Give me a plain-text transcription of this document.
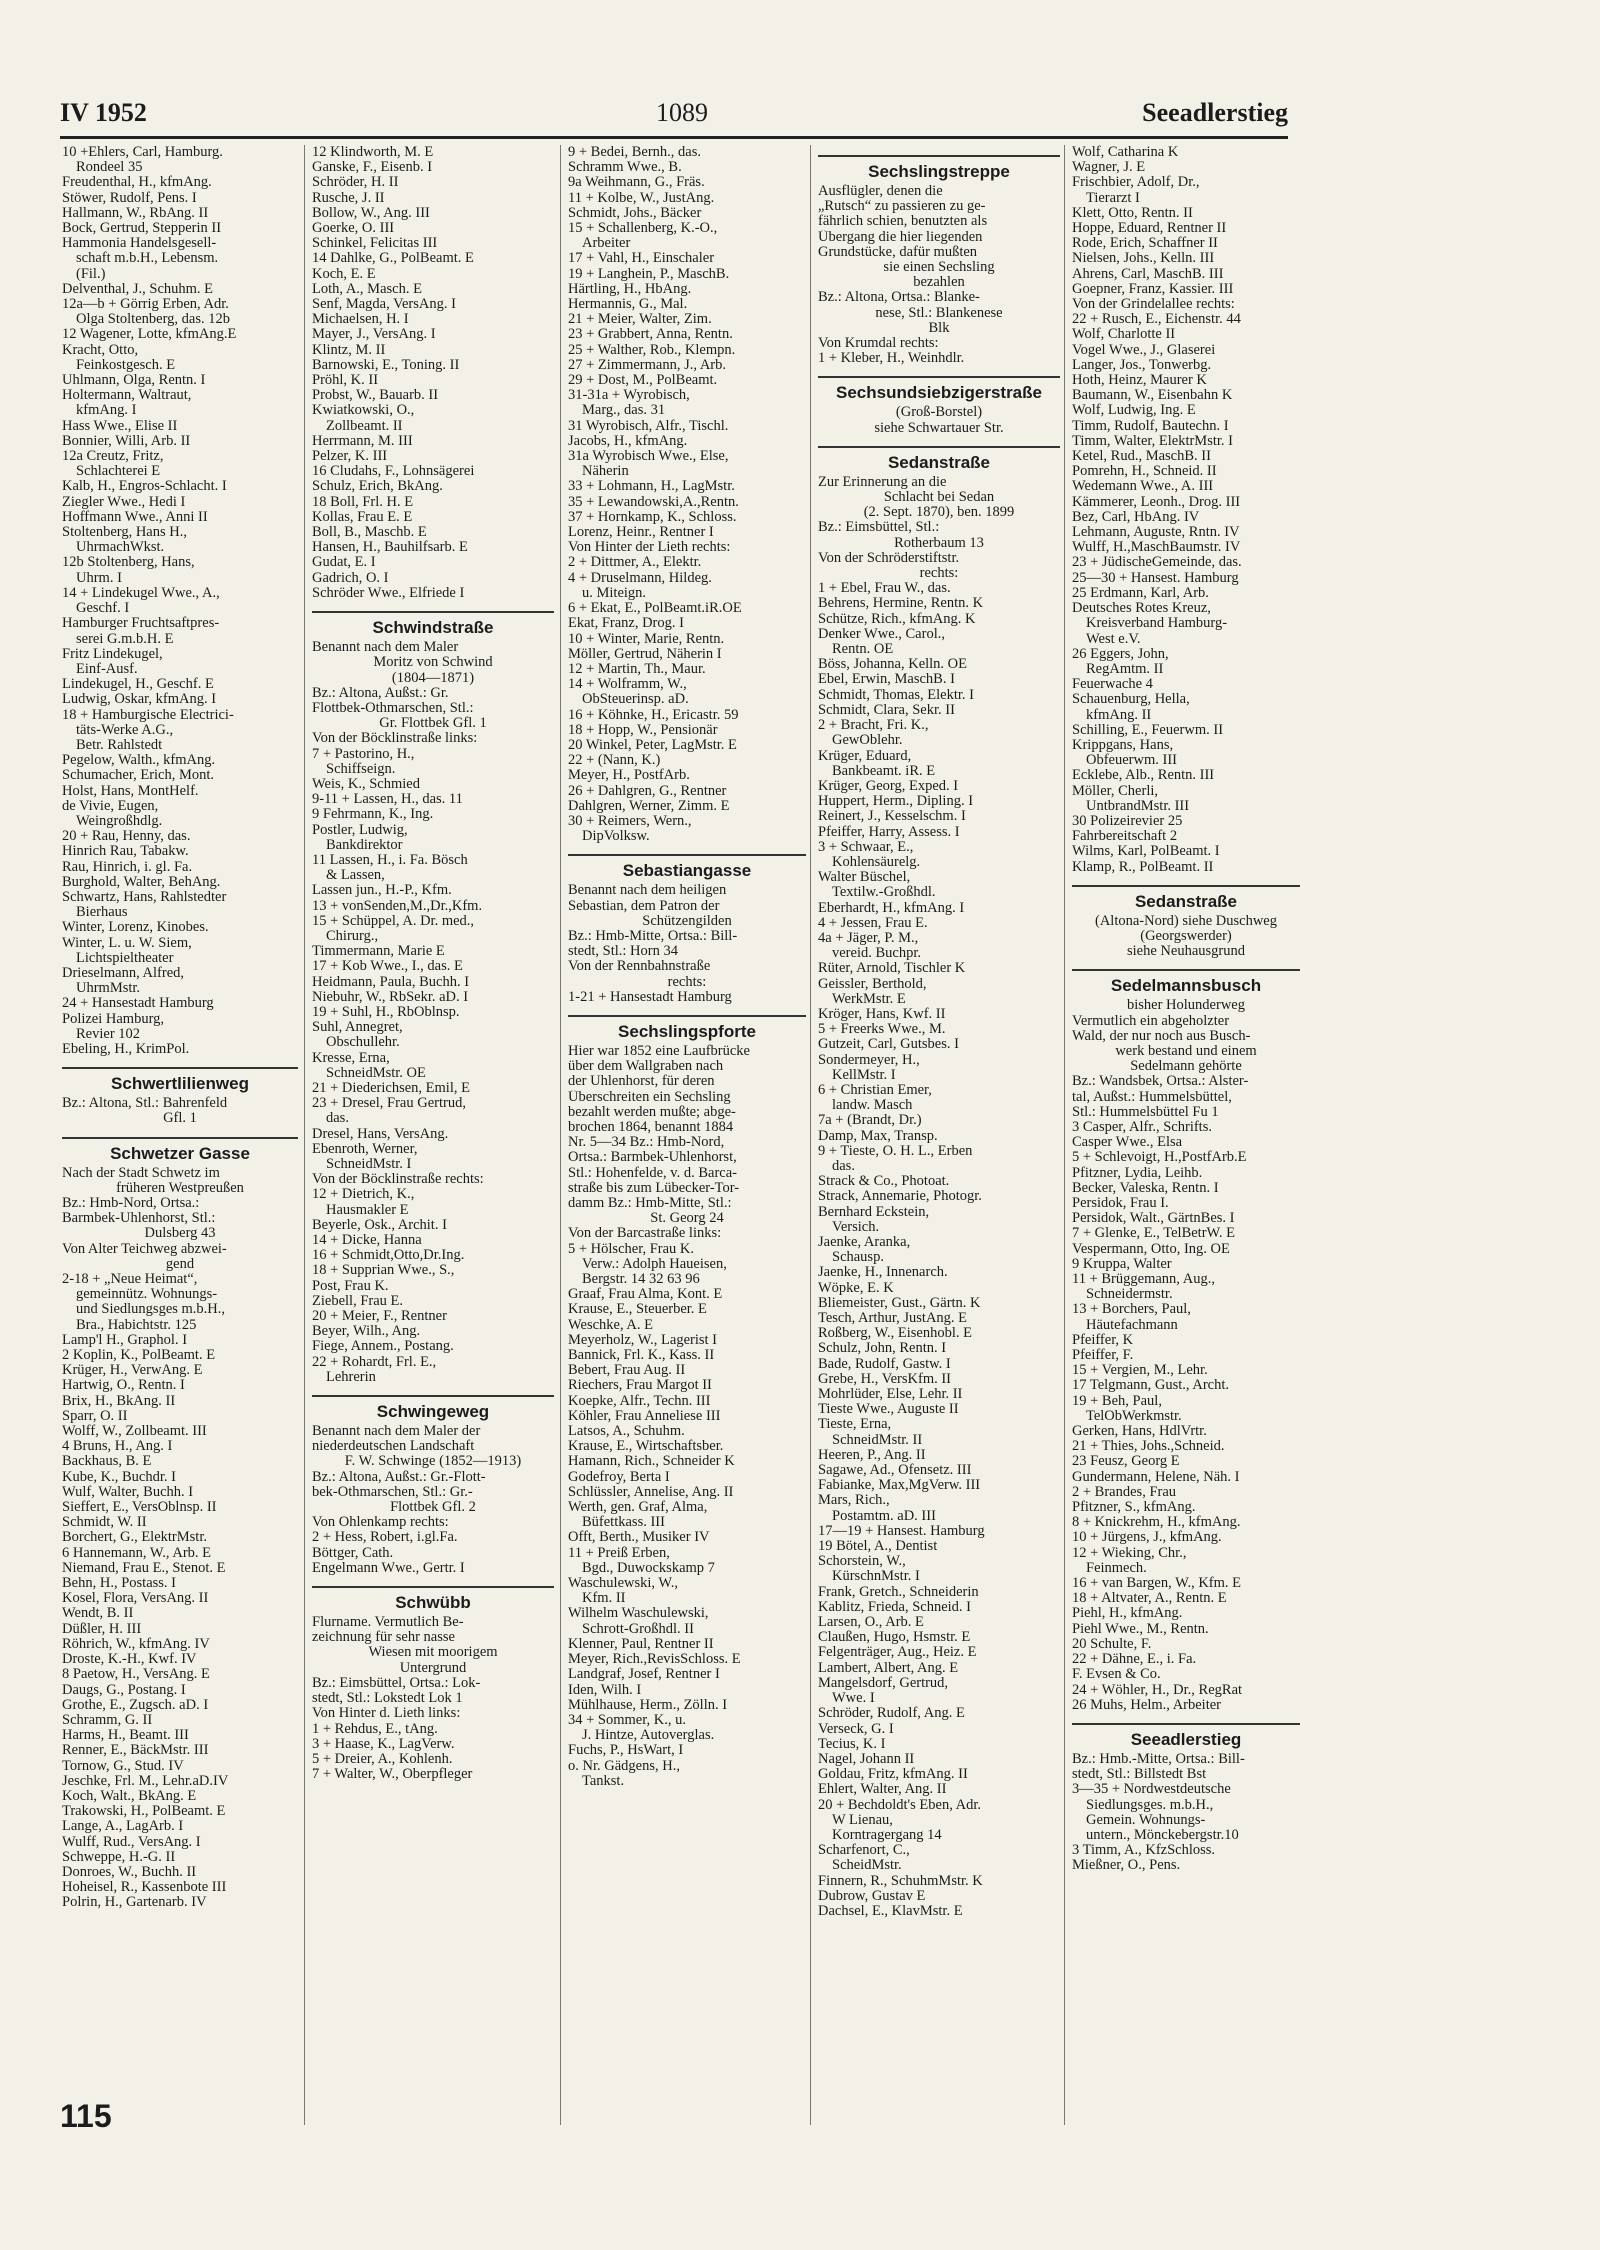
IV 1952	1089	Seeadlerstieg
10 +Ehlers, Carl, Hamburg.
Rondeel 35
Freudenthal, H., kfmAng.
Stöwer, Rudolf, Pens. I
Hallmann, W., RbAng. II
Bock, Gertrud, Stepperin II
Hammonia Handelsgesell-
schaft m.b.H., Lebensm.
(Fil.)
Delventhal, J., Schuhm. E
12a—b + Görrig Erben, Adr.
Olga Stoltenberg, das. 12b
12 Wagener, Lotte, kfmAng.E
Kracht, Otto,
Feinkostgesch. E
Uhlmann, Olga, Rentn. I
Holtermann, Waltraut,
kfmAng. I
Hass Wwe., Elise II
Bonnier, Willi, Arb. II
12a Creutz, Fritz,
Schlachterei E
Kalb, H., Engros-Schlacht. I
Ziegler Wwe., Hedi I
Hoffmann Wwe., Anni II
Stoltenberg, Hans H.,
UhrmachWkst.
12b Stoltenberg, Hans,
Uhrm. I
14 + Lindekugel Wwe., A.,
Geschf. I
Hamburger Fruchtsaftpres-
serei G.m.b.H. E
Fritz Lindekugel,
Einf-Ausf.
Lindekugel, H., Geschf. E
Ludwig, Oskar, kfmAng. I
18 + Hamburgische Electrici-
täts-Werke A.G.,
Betr. Rahlstedt
Pegelow, Walth., kfmAng.
Schumacher, Erich, Mont.
Holst, Hans, MontHelf.
de Vivie, Eugen,
Weingroßhdlg.
20 + Rau, Henny, das.
Hinrich Rau, Tabakw.
Rau, Hinrich, i. gl. Fa.
Burghold, Walter, BehAng.
Schwartz, Hans, Rahlstedter
Bierhaus
Winter, Lorenz, Kinobes.
Winter, L. u. W. Siem,
Lichtspieltheater
Drieselmann, Alfred,
UhrmMstr.
24 + Hansestadt Hamburg
Polizei Hamburg,
Revier 102
Ebeling, H., KrimPol.
Schwertlilienweg
Bz.: Altona, Stl.: Bahrenfeld
Gfl. 1
Schwetzer Gasse
Nach der Stadt Schwetz im
früheren Westpreußen
Bz.: Hmb-Nord, Ortsa.:
Barmbek-Uhlenhorst, Stl.:
Dulsberg 43
Von Alter Teichweg abzwei-
gend
2-18 + „Neue Heimat“,
gemeinnütz. Wohnungs-
und Siedlungsges m.b.H.,
Bra., Habichtstr. 125
Lamp'l H., Graphol. I
2 Koplin, K., PolBeamt. E
Krüger, H., VerwAng. E
Hartwig, O., Rentn. I
Brix, H., BkAng. II
Sparr, O. II
Wolff, W., Zollbeamt. III
4 Bruns, H., Ang. I
Backhaus, B. E
Kube, K., Buchdr. I
Wulf, Walter, Buchh. I
Sieffert, E., VersOblnsp. II
Schmidt, W. II
Borchert, G., ElektrMstr.
6 Hannemann, W., Arb. E
Niemand, Frau E., Stenot. E
Behn, H., Postass. I
Kosel, Flora, VersAng. II
Wendt, B. II
Düßler, H. III
Röhrich, W., kfmAng. IV
Droste, K.-H., Kwf. IV
8 Paetow, H., VersAng. E
Daugs, G., Postang. I
Grothe, E., Zugsch. aD. I
Schramm, G. II
Harms, H., Beamt. III
Renner, E., BäckMstr. III
Tornow, G., Stud. IV
Jeschke, Frl. M., Lehr.aD.IV
Koch, Walt., BkAng. E
Trakowski, H., PolBeamt. E
Lange, A., LagArb. I
Wulff, Rud., VersAng. I
Schweppe, H.-G. II
Donroes, W., Buchh. II
Hoheisel, R., Kassenbote III
Polrin, H., Gartenarb. IV
12 Klindworth, M. E
Ganske, F., Eisenb. I
Schröder, H. II
Rusche, J. II
Bollow, W., Ang. III
Goerke, O. III
Schinkel, Felicitas III
14 Dahlke, G., PolBeamt. E
Koch, E. E
Loth, A., Masch. E
Senf, Magda, VersAng. I
Michaelsen, H. I
Mayer, J., VersAng. I
Klintz, M. II
Barnowski, E., Toning. II
Pröhl, K. II
Probst, W., Bauarb. II
Kwiatkowski, O.,
Zollbeamt. II
Herrmann, M. III
Pelzer, K. III
16 Cludahs, F., Lohnsägerei
Schulz, Erich, BkAng.
18 Boll, Frl. H. E
Kollas, Frau E. E
Boll, B., Maschb. E
Hansen, H., Bauhilfsarb. E
Gudat, E. I
Gadrich, O. I
Schröder Wwe., Elfriede I
Schwindstraße
Benannt nach dem Maler
Moritz von Schwind
(1804—1871)
Bz.: Altona, Außst.: Gr.
Flottbek-Othmarschen, Stl.:
Gr. Flottbek Gfl. 1
Von der Böcklinstraße links:
7 + Pastorino, H.,
Schiffseign.
Weis, K., Schmied
9-11 + Lassen, H., das. 11
9 Fehrmann, K., Ing.
Postler, Ludwig,
Bankdirektor
11 Lassen, H., i. Fa. Bösch
& Lassen,
Lassen jun., H.-P., Kfm.
13 + vonSenden,M.,Dr.,Kfm.
15 + Schüppel, A. Dr. med.,
Chirurg.,
Timmermann, Marie E
17 + Kob Wwe., I., das. E
Heidmann, Paula, Buchh. I
Niebuhr, W., RbSekr. aD. I
19 + Suhl, H., RbOblnsp.
Suhl, Annegret,
Obschullehr.
Kresse, Erna,
SchneidMstr. OE
21 + Diederichsen, Emil, E
23 + Dresel, Frau Gertrud,
das.
Dresel, Hans, VersAng.
Ebenroth, Werner,
SchneidMstr. I
Von der Böcklinstraße rechts:
12 + Dietrich, K.,
Hausmakler E
Beyerle, Osk., Archit. I
14 + Dicke, Hanna
16 + Schmidt,Otto,Dr.Ing.
18 + Supprian Wwe., S.,
Post, Frau K.
Ziebell, Frau E.
20 + Meier, F., Rentner
Beyer, Wilh., Ang.
Fiege, Annem., Postang.
22 + Rohardt, Frl. E.,
Lehrerin
Schwingeweg
Benannt nach dem Maler der
niederdeutschen Landschaft
F. W. Schwinge (1852—1913)
Bz.: Altona, Außst.: Gr.-Flott-
bek-Othmarschen, Stl.: Gr.-
Flottbek Gfl. 2
Von Ohlenkamp rechts:
2 + Hess, Robert, i.gl.Fa.
Böttger, Cath.
Engelmann Wwe., Gertr. I
Schwübb
Flurname. Vermutlich Be-
zeichnung für sehr nasse
Wiesen mit moorigem
Untergrund
Bz.: Eimsbüttel, Ortsa.: Lok-
stedt, Stl.: Lokstedt Lok 1
Von Hinter d. Lieth links:
1 + Rehdus, E., tAng.
3 + Haase, K., LagVerw.
5 + Dreier, A., Kohlenh.
7 + Walter, W., Oberpfleger
9 + Bedei, Bernh., das.
Schramm Wwe., B.
9a Weihmann, G., Fräs.
11 + Kolbe, W., JustAng.
Schmidt, Johs., Bäcker
15 + Schallenberg, K.-O.,
Arbeiter
17 + Vahl, H., Einschaler
19 + Langhein, P., MaschB.
Härtling, H., HbAng.
Hermannis, G., Mal.
21 + Meier, Walter, Zim.
23 + Grabbert, Anna, Rentn.
25 + Walther, Rob., Klempn.
27 + Zimmermann, J., Arb.
29 + Dost, M., PolBeamt.
31-31a + Wyrobisch,
Marg., das. 31
31 Wyrobisch, Alfr., Tischl.
Jacobs, H., kfmAng.
31a Wyrobisch Wwe., Else,
Näherin
33 + Lohmann, H., LagMstr.
35 + Lewandowski,A.,Rentn.
37 + Hornkamp, K., Schloss.
Lorenz, Heinr., Rentner I
Von Hinter der Lieth rechts:
2 + Dittmer, A., Elektr.
4 + Druselmann, Hildeg.
u. Miteign.
6 + Ekat, E., PolBeamt.iR.OE
Ekat, Franz, Drog. I
10 + Winter, Marie, Rentn.
Möller, Gertrud, Näherin I
12 + Martin, Th., Maur.
14 + Wolframm, W.,
ObSteuerinsp. aD.
16 + Köhnke, H., Ericastr. 59
18 + Hopp, W., Pensionär
20 Winkel, Peter, LagMstr. E
22 + (Nann, K.)
Meyer, H., PostfArb.
26 + Dahlgren, G., Rentner
Dahlgren, Werner, Zimm. E
30 + Reimers, Wern.,
DipVolksw.
Sebastiangasse
Benannt nach dem heiligen
Sebastian, dem Patron der
Schützengilden
Bz.: Hmb-Mitte, Ortsa.: Bill-
stedt, Stl.: Horn 34
Von der Rennbahnstraße
rechts:
1-21 + Hansestadt Hamburg
Sechslingspforte
Hier war 1852 eine Laufbrücke
über dem Wallgraben nach
der Uhlenhorst, für deren
Überschreiten ein Sechsling
bezahlt werden mußte; abge-
brochen 1864, benannt 1884
Nr. 5—34 Bz.: Hmb-Nord,
Ortsa.: Barmbek-Uhlenhorst,
Stl.: Hohenfelde, v. d. Barca-
straße bis zum Lübecker-Tor-
damm Bz.: Hmb-Mitte, Stl.:
St. Georg 24
Von der Barcastraße links:
5 + Hölscher, Frau K.
Verw.: Adolph Haueisen,
Bergstr. 14 32 63 96
Graaf, Frau Alma, Kont. E
Krause, E., Steuerber. E
Weschke, A. E
Meyerholz, W., Lagerist I
Bannick, Frl. K., Kass. II
Bebert, Frau Aug. II
Riechers, Frau Margot II
Koepke, Alfr., Techn. III
Köhler, Frau Anneliese III
Latsos, A., Schuhm.
Krause, E., Wirtschaftsber.
Hamann, Rich., Schneider K
Godefroy, Berta I
Schlüssler, Annelise, Ang. II
Werth, gen. Graf, Alma,
Büfettkass. III
Offt, Berth., Musiker IV
11 + Preiß Erben,
Bgd., Duwockskamp 7
Waschulewski, W.,
Kfm. II
Wilhelm Waschulewski,
Schrott-Großhdl. II
Klenner, Paul, Rentner II
Meyer, Rich.,RevisSchloss. E
Landgraf, Josef, Rentner I
Iden, Wilh. I
Mühlhause, Herm., Zölln. I
34 + Sommer, K., u.
J. Hintze, Autoverglas.
Fuchs, P., HsWart, I
o. Nr. Gädgens, H.,
Tankst.
Sechslingstreppe
Ausflügler, denen die
„Rutsch“ zu passieren zu ge-
fährlich schien, benutzten als
Übergang die hier liegenden
Grundstücke, dafür mußten
sie einen Sechsling
bezahlen
Bz.: Altona, Ortsa.: Blanke-
nese, Stl.: Blankenese
Blk
Von Krumdal rechts:
1 + Kleber, H., Weinhdlr.
Sechsundsiebzigerstraße
(Groß-Borstel)
siehe Schwartauer Str.
Sedanstraße
Zur Erinnerung an die
Schlacht bei Sedan
(2. Sept. 1870), ben. 1899
Bz.: Eimsbüttel, Stl.:
Rotherbaum 13
Von der Schröderstiftstr.
rechts:
1 + Ebel, Frau W., das.
Behrens, Hermine, Rentn. K
Schütze, Rich., kfmAng. K
Denker Wwe., Carol.,
Rentn. OE
Böss, Johanna, Kelln. OE
Ebel, Erwin, MaschB. I
Schmidt, Thomas, Elektr. I
Schmidt, Clara, Sekr. II
2 + Bracht, Fri. K.,
GewOblehr.
Krüger, Eduard,
Bankbeamt. iR. E
Krüger, Georg, Exped. I
Huppert, Herm., Dipling. I
Reinert, J., Kesselschm. I
Pfeiffer, Harry, Assess. I
3 + Schwaar, E.,
Kohlensäurelg.
Walter Büschel,
Textilw.-Großhdl.
Eberhardt, H., kfmAng. I
4 + Jessen, Frau E.
4a + Jäger, P. M.,
vereid. Buchpr.
Rüter, Arnold, Tischler K
Geissler, Berthold,
WerkMstr. E
Kröger, Hans, Kwf. II
5 + Freerks Wwe., M.
Gutzeit, Carl, Gutsbes. I
Sondermeyer, H.,
KellMstr. I
6 + Christian Emer,
landw. Masch
7a + (Brandt, Dr.)
Damp, Max, Transp.
9 + Tieste, O. H. L., Erben
das.
Strack & Co., Photoat.
Strack, Annemarie, Photogr.
Bernhard Eckstein,
Versich.
Jaenke, Aranka,
Schausp.
Jaenke, H., Innenarch.
Wöpke, E. K
Bliemeister, Gust., Gärtn. K
Tesch, Arthur, JustAng. E
Roßberg, W., Eisenhobl. E
Schulz, John, Rentn. I
Bade, Rudolf, Gastw. I
Grebe, H., VersKfm. II
Mohrlüder, Else, Lehr. II
Tieste Wwe., Auguste II
Tieste, Erna,
SchneidMstr. II
Heeren, P., Ang. II
Sagawe, Ad., Ofensetz. III
Fabianke, Max,MgVerw. III
Mars, Rich.,
Postamtm. aD. III
17—19 + Hansest. Hamburg
19 Bötel, A., Dentist
Schorstein, W.,
KürschnMstr. I
Frank, Gretch., Schneiderin
Kablitz, Frieda, Schneid. I
Larsen, O., Arb. E
Claußen, Hugo, Hsmstr. E
Felgenträger, Aug., Heiz. E
Lambert, Albert, Ang. E
Mangelsdorf, Gertrud,
Wwe. I
Schröder, Rudolf, Ang. E
Verseck, G. I
Tecius, K. I
Nagel, Johann II
Goldau, Fritz, kfmAng. II
Ehlert, Walter, Ang. II
20 + Bechdoldt's Eben, Adr.
W Lienau,
Korntragergang 14
Scharfenort, C.,
ScheidMstr.
Finnern, R., SchuhmMstr. K
Dubrow, Gustav E
Dachsel, E., KlavMstr. E
Wolf, Catharina K
Wagner, J. E
Frischbier, Adolf, Dr.,
Tierarzt I
Klett, Otto, Rentn. II
Hoppe, Eduard, Rentner II
Rode, Erich, Schaffner II
Nielsen, Johs., Kelln. III
Ahrens, Carl, MaschB. III
Goepner, Franz, Kassier. III
Von der Grindelallee rechts:
22 + Rusch, E., Eichenstr. 44
Wolf, Charlotte II
Vogel Wwe., J., Glaserei
Langer, Jos., Tonwerbg.
Hoth, Heinz, Maurer K
Baumann, W., Eisenbahn K
Wolf, Ludwig, Ing. E
Timm, Rudolf, Bautechn. I
Timm, Walter, ElektrMstr. I
Ketel, Rud., MaschB. II
Pomrehn, H., Schneid. II
Wedemann Wwe., A. III
Kämmerer, Leonh., Drog. III
Bez, Carl, HbAng. IV
Lehmann, Auguste, Rntn. IV
Wulff, H.,MaschBaumstr. IV
23 + JüdischeGemeinde, das.
25—30 + Hansest. Hamburg
25 Erdmann, Karl, Arb.
Deutsches Rotes Kreuz,
Kreisverband Hamburg-
West e.V.
26 Eggers, John,
RegAmtm. II
Feuerwache 4
Schauenburg, Hella,
kfmAng. II
Schilling, E., Feuerwm. II
Krippgans, Hans,
Obfeuerwm. III
Ecklebe, Alb., Rentn. III
Möller, Cherli,
UntbrandMstr. III
30 Polizeirevier 25
Fahrbereitschaft 2
Wilms, Karl, PolBeamt. I
Klamp, R., PolBeamt. II
Sedanstraße
(Altona-Nord) siehe Duschweg
(Georgswerder)
siehe Neuhausgrund
Sedelmannsbusch
bisher Holunderweg
Vermutlich ein abgeholzter
Wald, der nur noch aus Busch-
werk bestand und einem
Sedelmann gehörte
Bz.: Wandsbek, Ortsa.: Alster-
tal, Außst.: Hummelsbüttel,
Stl.: Hummelsbüttel Fu 1
3 Casper, Alfr., Schrifts.
Casper Wwe., Elsa
5 + Schlevoigt, H.,PostfArb.E
Pfitzner, Lydia, Leihb.
Becker, Valeska, Rentn. I
Persidok, Frau I.
Persidok, Walt., GärtnBes. I
7 + Glenke, E., TelBetrW. E
Vespermann, Otto, Ing. OE
9 Kruppa, Walter
11 + Brüggemann, Aug.,
Schneidermstr.
13 + Borchers, Paul,
Häutefachmann
Pfeiffer, K
Pfeiffer, F.
15 + Vergien, M., Lehr.
17 Telgmann, Gust., Archt.
19 + Beh, Paul,
TelObWerkmstr.
Gerken, Hans, HdlVrtr.
21 + Thies, Johs.,Schneid.
23 Feusz, Georg E
Gundermann, Helene, Näh. I
2 + Brandes, Frau
Pfitzner, S., kfmAng.
8 + Knickrehm, H., kfmAng.
10 + Jürgens, J., kfmAng.
12 + Wieking, Chr.,
Feinmech.
16 + van Bargen, W., Kfm. E
18 + Altvater, A., Rentn. E
Piehl, H., kfmAng.
Piehl Wwe., M., Rentn.
20 Schulte, F.
22 + Dähne, E., i. Fa.
F. Evsen & Co.
24 + Wöhler, H., Dr., RegRat
26 Muhs, Helm., Arbeiter
Seeadlerstieg
Bz.: Hmb.-Mitte, Ortsa.: Bill-
stedt, Stl.: Billstedt Bst
3—35 + Nordwestdeutsche
Siedlungsges. m.b.H.,
Gemein. Wohnungs-
untern., Mönckebergstr.10
3 Timm, A., KfzSchloss.
Mießner, O., Pens.
115
